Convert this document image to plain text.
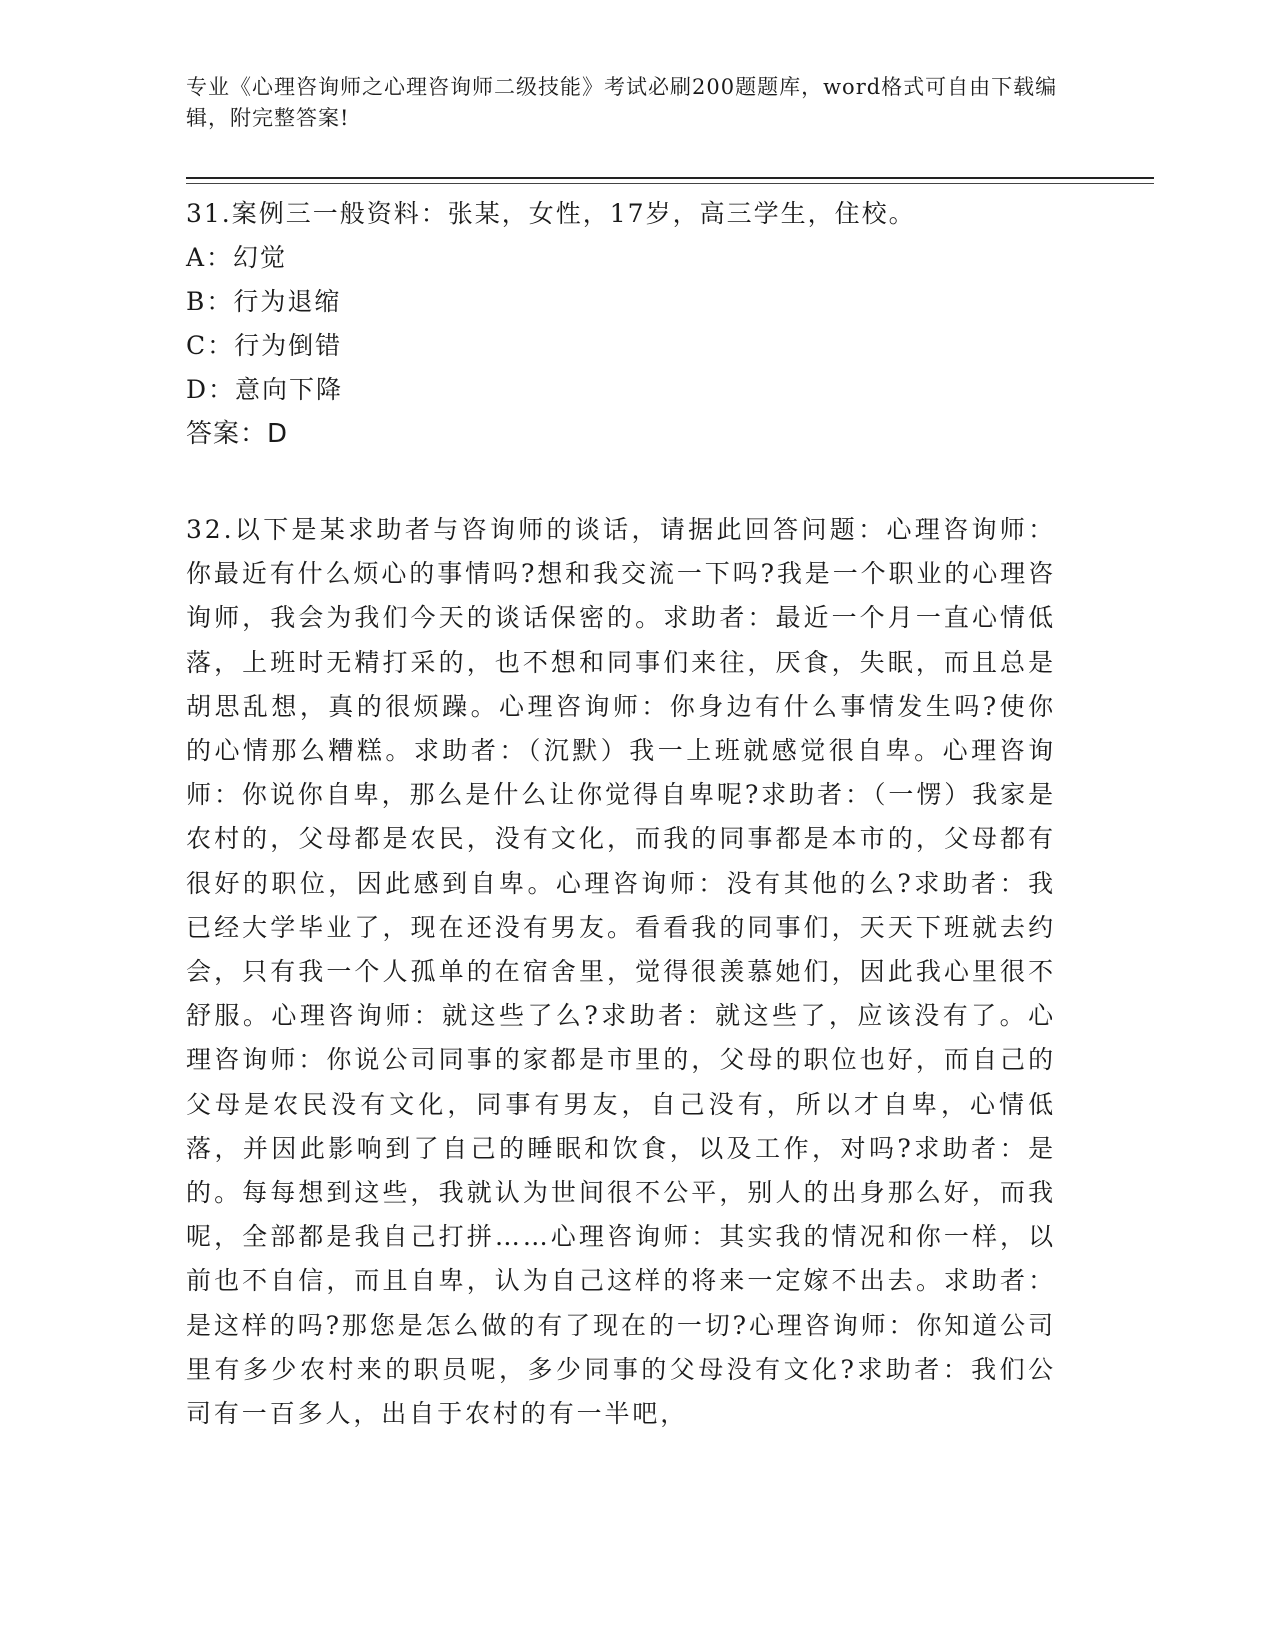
专业《心理咨询师之心理咨询师二级技能》考试必刷200题题库，word格式可自由下载编辑，附完整答案!
31.案例三一般资料：张某，女性，17岁，高三学生，住校。
A：幻觉
B：行为退缩
C：行为倒错
D：意向下降
答案：D
32.以下是某求助者与咨询师的谈话，请据此回答问题：心理咨询师：你最近有什么烦心的事情吗?想和我交流一下吗?我是一个职业的心理咨询师，我会为我们今天的谈话保密的。求助者：最近一个月一直心情低落，上班时无精打采的，也不想和同事们来往，厌食，失眠，而且总是胡思乱想，真的很烦躁。心理咨询师：你身边有什么事情发生吗?使你的心情那么糟糕。求助者：（沉默）我一上班就感觉很自卑。心理咨询师：你说你自卑，那么是什么让你觉得自卑呢?求助者：（一愣）我家是农村的，父母都是农民，没有文化，而我的同事都是本市的，父母都有很好的职位，因此感到自卑。心理咨询师：没有其他的么?求助者：我已经大学毕业了，现在还没有男友。看看我的同事们，天天下班就去约会，只有我一个人孤单的在宿舍里，觉得很羡慕她们，因此我心里很不舒服。心理咨询师：就这些了么?求助者：就这些了，应该没有了。心理咨询师：你说公司同事的家都是市里的，父母的职位也好，而自己的父母是农民没有文化，同事有男友，自己没有，所以才自卑，心情低落，并因此影响到了自己的睡眠和饮食，以及工作，对吗?求助者：是的。每每想到这些，我就认为世间很不公平，别人的出身那么好，而我呢，全部都是我自己打拼……心理咨询师：其实我的情况和你一样，以前也不自信，而且自卑，认为自己这样的将来一定嫁不出去。求助者：是这样的吗?那您是怎么做的有了现在的一切?心理咨询师：你知道公司里有多少农村来的职员呢，多少同事的父母没有文化?求助者：我们公司有一百多人，出自于农村的有一半吧，
